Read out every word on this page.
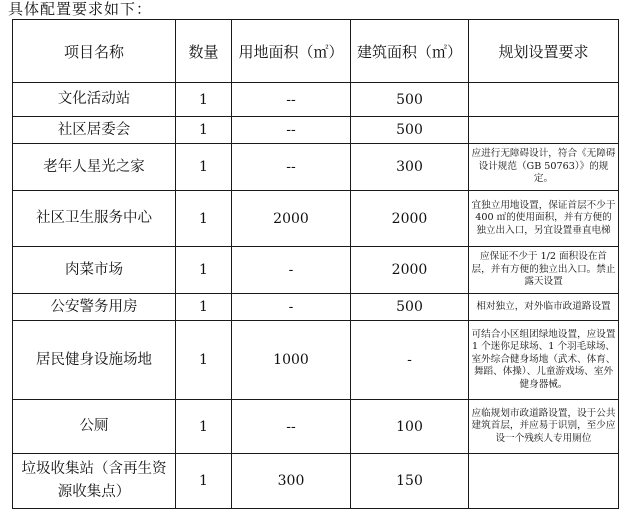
具体配置要求如下：
项目名称	数量	用地面积（㎡）	建筑面积（㎡）	规划设置要求
文化活动站	1	--	500	
社区居委会	1	--	500	
老年人星光之家	1	--	300	应进行无障碍设计，符合《无障碍设计规范（GB 50763）》的规定。
社区卫生服务中心	1	2000	2000	宜独立用地设置，保证首层不少于 400 ㎡的使用面积，并有方便的独立出入口，另宜设置垂直电梯
肉菜市场	1	-	2000	应保证不少于 1/2 面积设在首层，并有方便的独立出入口。禁止露天设置
公安警务用房	1	-	500	相对独立，对外临市政道路设置
居民健身设施场地	1	1000	-	可结合小区组团绿地设置，应设置 1 个迷你足球场、1 个羽毛球场、室外综合健身场地（武术、体育、舞蹈、体操）、儿童游戏场、室外健身器械。
公厕	1	--	100	应临规划市政道路设置，设于公共建筑首层，并应易于识别，至少应设一个残疾人专用厕位
垃圾收集站（含再生资源收集点）	1	300	150	
